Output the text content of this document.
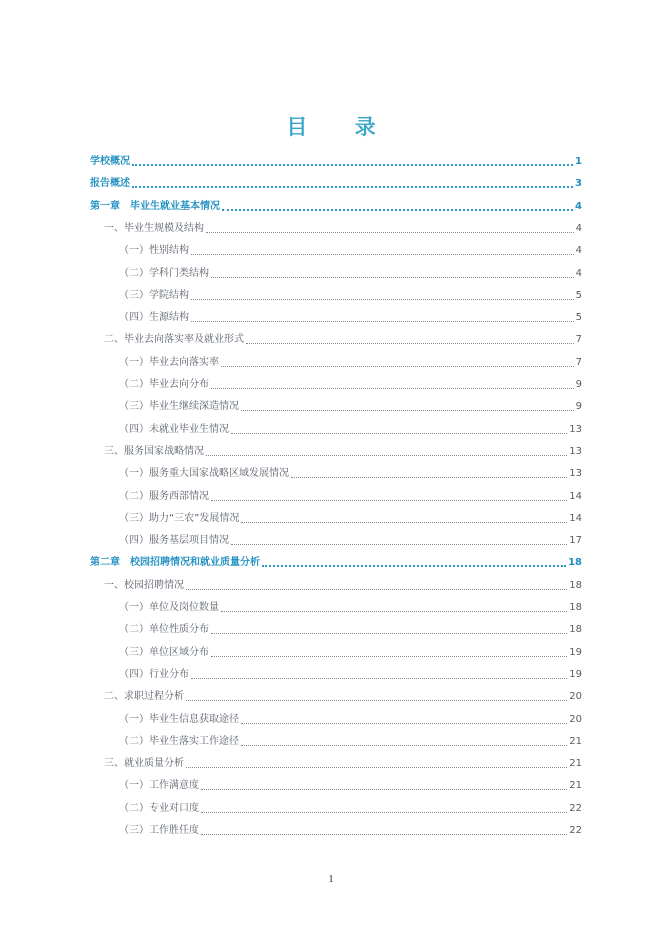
目 录
学校概况	1
报告概述	3
第一章　毕业生就业基本情况	4
一、毕业生规模及结构	4
（一）性别结构	4
（二）学科门类结构	4
（三）学院结构	5
（四）生源结构	5
二、毕业去向落实率及就业形式	7
（一）毕业去向落实率	7
（二）毕业去向分布	9
（三）毕业生继续深造情况	9
（四）未就业毕业生情况	13
三、服务国家战略情况	13
（一）服务重大国家战略区域发展情况	13
（二）服务西部情况	14
（三）助力“三农”发展情况	14
（四）服务基层项目情况	17
第二章　校园招聘情况和就业质量分析	18
一、校园招聘情况	18
（一）单位及岗位数量	18
（二）单位性质分布	18
（三）单位区域分布	19
（四）行业分布	19
二、求职过程分析	20
（一）毕业生信息获取途径	20
（二）毕业生落实工作途径	21
三、就业质量分析	21
（一）工作满意度	21
（二）专业对口度	22
（三）工作胜任度	22
1
